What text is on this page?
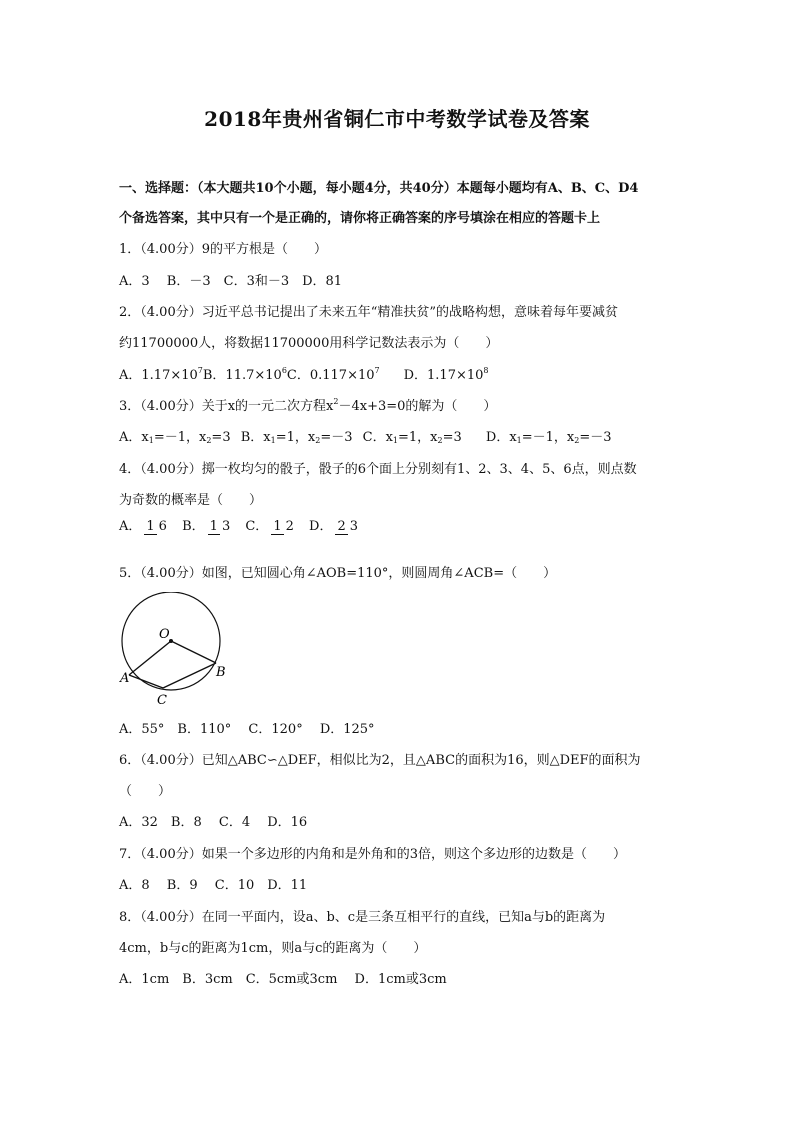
2018年贵州省铜仁市中考数学试卷及答案
一、选择题：（本大题共10个小题，每小题4分，共40分）本题每小题均有A、B、C、D4
个备选答案，其中只有一个是正确的，请你将正确答案的序号填涂在相应的答题卡上
1．（4.00分）9的平方根是（　　）
A．3　 B．－3　C．3和－3　D．81
2．（4.00分）习近平总书记提出了未来五年“精准扶贫”的战略构想，意味着每年要减贫
约11700000人，将数据11700000用科学记数法表示为（　　）
A．$1.17\times 10^7B$．$11.7\times 10^6C$．$0.117\times 10^7$ D．$1.17\times 10^8$
3．（4.00分）关于x的一元二次方程$x^2-4x+3=0$的解为（　　）
A．$x_1=-1$，$x_2=3$ B．$x_1=1$，$x_2=-3$ C．$x_1=1$，$x_2=3$ D．$x_1=-1$，$x_2=-3$
4．（4.00分）掷一枚均匀的骰子，骰子的6个面上分别刻有1、2、3、4、5、6点，则点数
为奇数的概率是（　　）
A． 1 6 B． 1 3 C． 1 2 D． 2 3
5．（4.00分）如图，已知圆心角∠AOB=110°，则圆周角∠ACB=（　　）
O
A	B
C
A．55°　B．110°　 C．120°　 D．125°
6．（4.00分）已知△ABC∽△DEF，相似比为2，且△ABC的面积为16，则△DEF的面积为
（　　）
A．32　B．8　 C．4　 D．16
7．（4.00分）如果一个多边形的内角和是外角和的3倍，则这个多边形的边数是（　　）
A．8　 B．9　 C．10　D．11
8．（4.00分）在同一平面内，设a、b、c是三条互相平行的直线，已知a与b的距离为
4cm，b与c的距离为1cm，则a与c的距离为（　　）
A．1cm　B．3cm　C．5cm或3cm　 D．1cm或3cm
